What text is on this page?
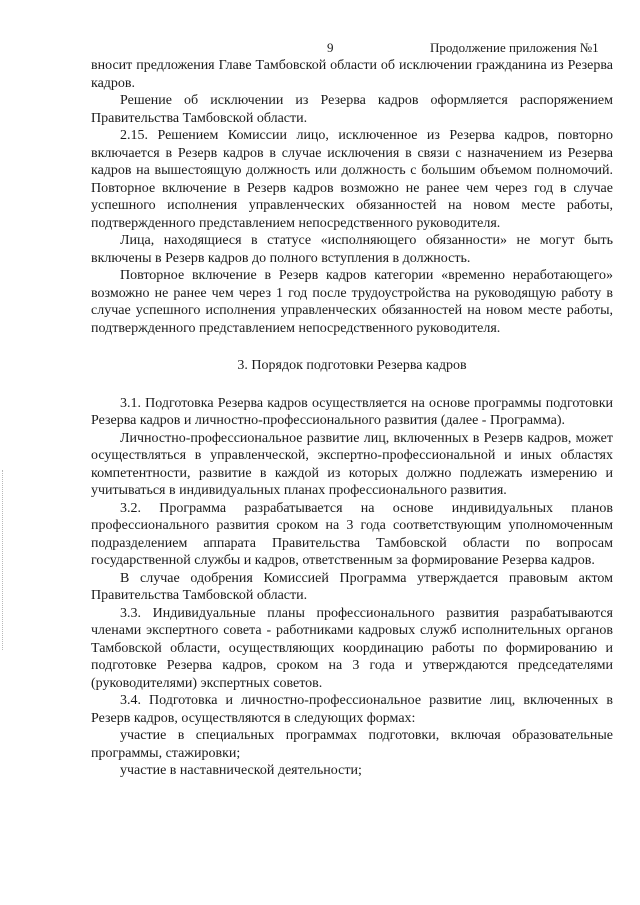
9	Продолжение приложения №1

вносит предложения Главе Тамбовской области об исключении гражданина из Резерва кадров.

Решение об исключении из Резерва кадров оформляется распоряжением Правительства Тамбовской области.

2.15. Решением Комиссии лицо, исключенное из Резерва кадров, повторно включается в Резерв кадров в случае исключения в связи с назначением из Резерва кадров на вышестоящую должность или должность с большим объемом полномочий. Повторное включение в Резерв кадров возможно не ранее чем через год в случае успешного исполнения управленческих обязанностей на новом месте работы, подтвержденного представлением непосредственного руководителя.

Лица, находящиеся в статусе «исполняющего обязанности» не могут быть включены в Резерв кадров до полного вступления в должность.

Повторное включение в Резерв кадров категории «временно неработающего» возможно не ранее чем через 1 год после трудоустройства на руководящую работу в случае успешного исполнения управленческих обязанностей на новом месте работы, подтвержденного представлением непосредственного руководителя.

3. Порядок подготовки Резерва кадров

3.1. Подготовка Резерва кадров осуществляется на основе программы подготовки Резерва кадров и личностно-профессионального развития (далее - Программа).

Личностно-профессиональное развитие лиц, включенных в Резерв кадров, может осуществляться в управленческой, экспертно-профессиональной и иных областях компетентности, развитие в каждой из которых должно подлежать измерению и учитываться в индивидуальных планах профессионального развития.

3.2. Программа разрабатывается на основе индивидуальных планов профессионального развития сроком на 3 года соответствующим уполномоченным подразделением аппарата Правительства Тамбовской области по вопросам государственной службы и кадров, ответственным за формирование Резерва кадров.

В случае одобрения Комиссией Программа утверждается правовым актом Правительства Тамбовской области.

3.3. Индивидуальные планы профессионального развития разрабатываются членами экспертного совета - работниками кадровых служб исполнительных органов Тамбовской области, осуществляющих координацию работы по формированию и подготовке Резерва кадров, сроком на 3 года и утверждаются председателями (руководителями) экспертных советов.

3.4. Подготовка и личностно-профессиональное развитие лиц, включенных в Резерв кадров, осуществляются в следующих формах:

участие в специальных программах подготовки, включая образовательные программы, стажировки;

участие в наставнической деятельности;
